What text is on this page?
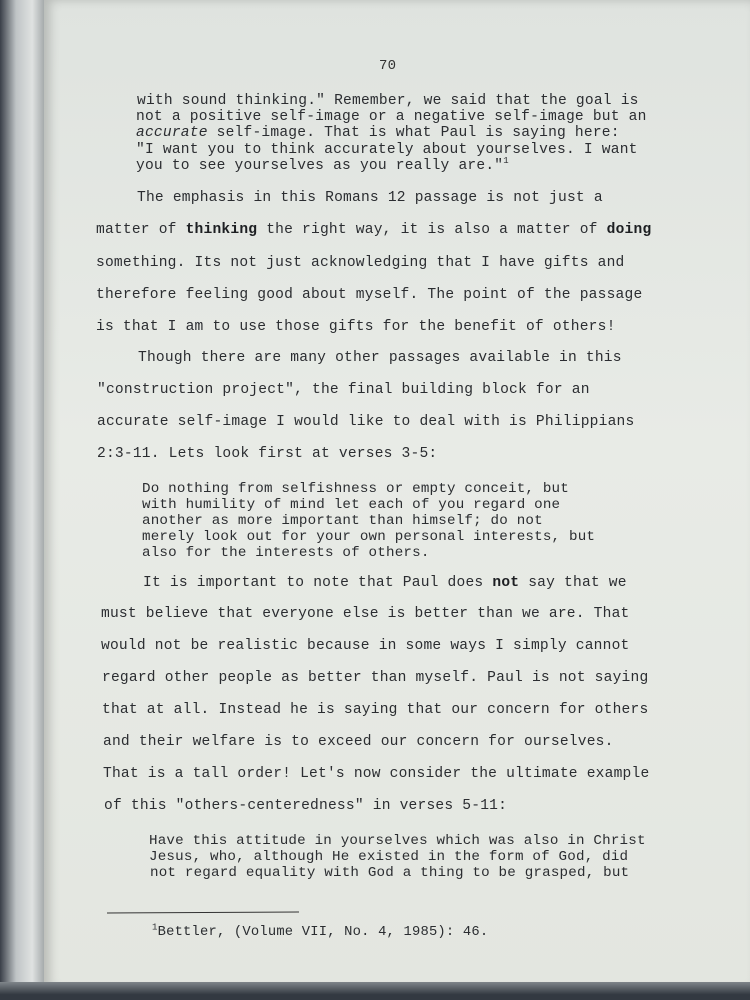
70
with sound thinking." Remember, we said that the goal is
not a positive self-image or a negative self-image but an
accurate self-image. That is what Paul is saying here:
"I want you to think accurately about yourselves. I want
you to see yourselves as you really are."$^1$
The emphasis in this Romans 12 passage is not just a
matter of thinking the right way, it is also a matter of doing
something. Its not just acknowledging that I have gifts and
therefore feeling good about myself. The point of the passage
is that I am to use those gifts for the benefit of others!
Though there are many other passages available in this
"construction project", the final building block for an
accurate self-image I would like to deal with is Philippians
2:3-11. Lets look first at verses 3-5:
Do nothing from selfishness or empty conceit, but
with humility of mind let each of you regard one
another as more important than himself; do not
merely look out for your own personal interests, but
also for the interests of others.
It is important to note that Paul does not say that we
must believe that everyone else is better than we are. That
would not be realistic because in some ways I simply cannot
regard other people as better than myself. Paul is not saying
that at all. Instead he is saying that our concern for others
and their welfare is to exceed our concern for ourselves.
That is a tall order! Let's now consider the ultimate example
of this "others-centeredness" in verses 5-11:
Have this attitude in yourselves which was also in Christ
Jesus, who, although He existed in the form of God, did
not regard equality with God a thing to be grasped, but
$^1$Bettler, (Volume VII, No. 4, 1985): 46.
